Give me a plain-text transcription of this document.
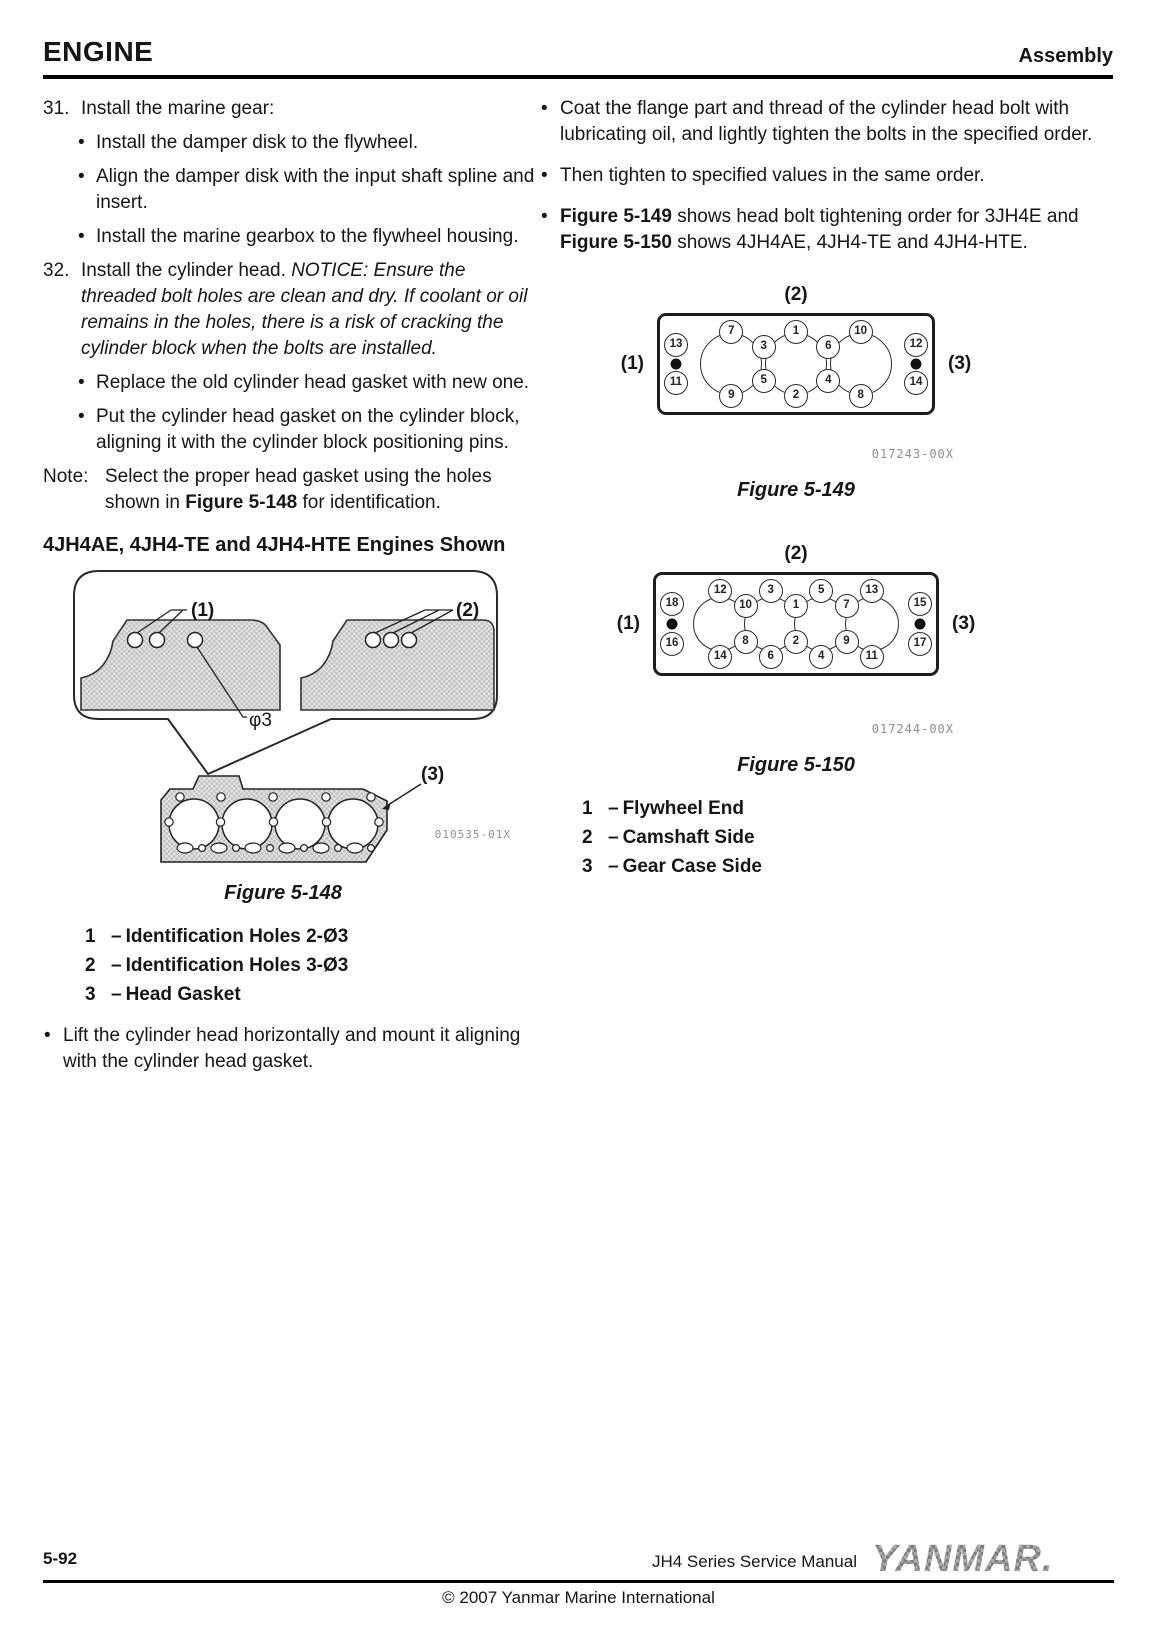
ENGINE	Assembly
31. Install the marine gear:
• Install the damper disk to the flywheel.
• Align the damper disk with the input shaft spline and insert.
• Install the marine gearbox to the flywheel housing.
32. Install the cylinder head. NOTICE: Ensure the threaded bolt holes are clean and dry. If coolant or oil remains in the holes, there is a risk of cracking the cylinder block when the bolts are installed.
• Replace the old cylinder head gasket with new one.
• Put the cylinder head gasket on the cylinder block, aligning it with the cylinder block positioning pins.
Note: Select the proper head gasket using the holes shown in Figure 5-148 for identification.
4JH4AE, 4JH4-TE and 4JH4-HTE Engines Shown
(1)	(2)
φ3
(3)
010535-01X
Figure 5-148
1 – Identification Holes 2-Ø3
2 – Identification Holes 3-Ø3
3 – Head Gasket
• Lift the cylinder head horizontally and mount it aligning with the cylinder head gasket.
• Coat the flange part and thread of the cylinder head bolt with lubricating oil, and lightly tighten the bolts in the specified order.
• Then tighten to specified values in the same order.
• Figure 5-149 shows head bolt tightening order for 3JH4E and Figure 5-150 shows 4JH4AE, 4JH4-TE and 4JH4-HTE.
(2)
(1)
7	1	10
9	2	8
3	6
5	4
13
11
12
14
(3)
017243-00X
Figure 5-149
(2)
(1)
12	3	5	13
14	6	4	11
10	1	7
8	2	9
18
16
15
17
(3)
017244-00X
Figure 5-150
1 – Flywheel End
2 – Camshaft Side
3 – Gear Case Side
5-92	JH4 Series Service Manual YANMAR.
© 2007 Yanmar Marine International
